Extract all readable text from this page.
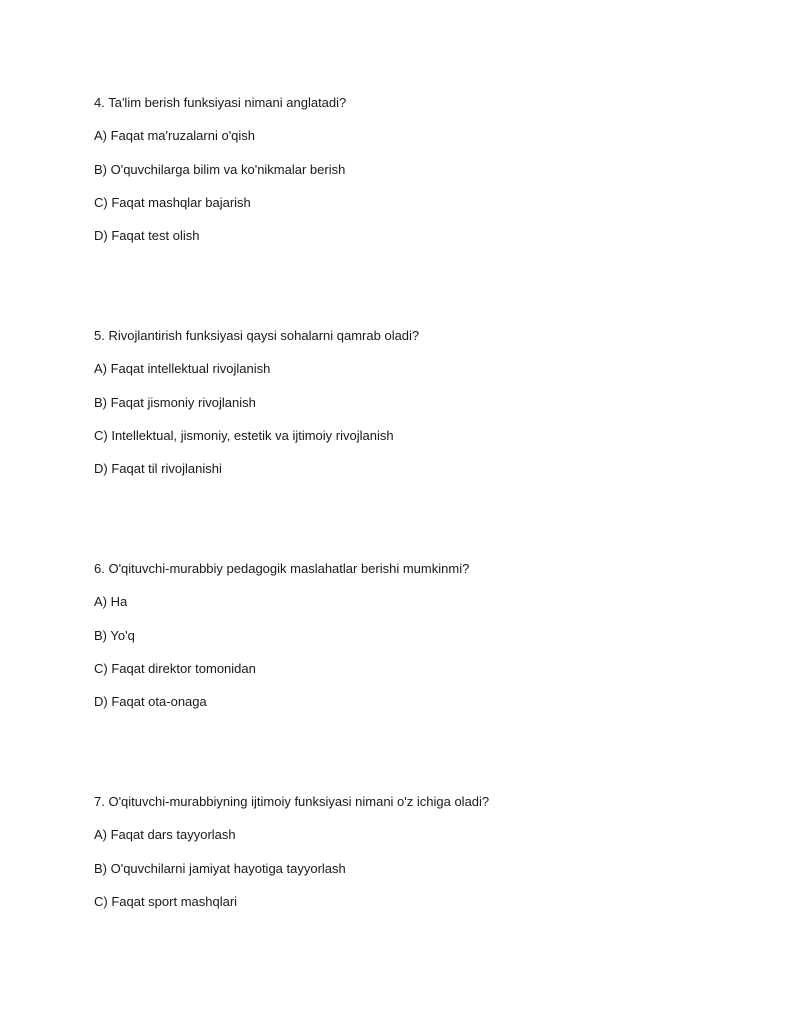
4. Ta'lim berish funksiyasi nimani anglatadi?

A) Faqat ma'ruzalarni o'qish

B) O'quvchilarga bilim va ko'nikmalar berish

C) Faqat mashqlar bajarish

D) Faqat test olish

5. Rivojlantirish funksiyasi qaysi sohalarni qamrab oladi?

A) Faqat intellektual rivojlanish

B) Faqat jismoniy rivojlanish

C) Intellektual, jismoniy, estetik va ijtimoiy rivojlanish

D) Faqat til rivojlanishi

6. O'qituvchi-murabbiy pedagogik maslahatlar berishi mumkinmi?

A) Ha

B) Yo'q

C) Faqat direktor tomonidan

D) Faqat ota-onaga

7. O'qituvchi-murabbiyning ijtimoiy funksiyasi nimani o'z ichiga oladi?

A) Faqat dars tayyorlash

B) O'quvchilarni jamiyat hayotiga tayyorlash

C) Faqat sport mashqlari
